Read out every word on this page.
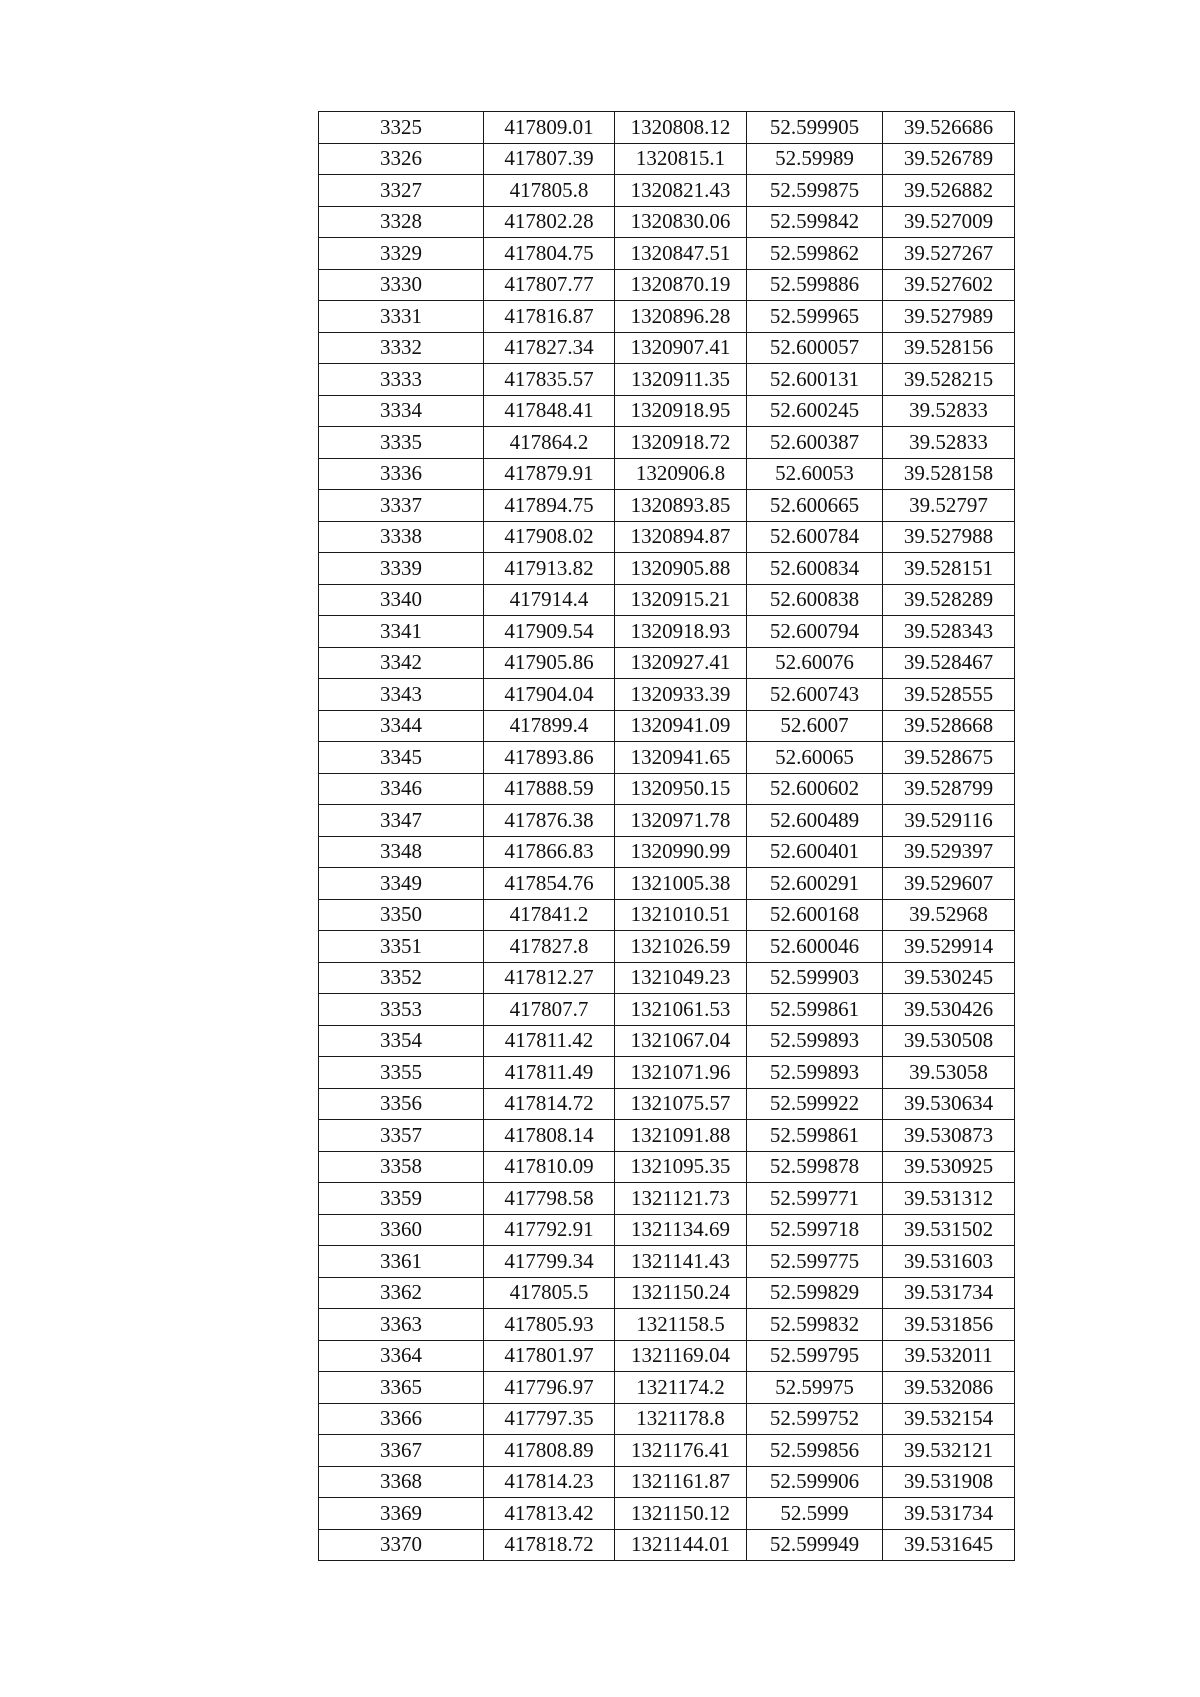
3325	417809.01	1320808.12	52.599905	39.526686
3326	417807.39	1320815.1	52.59989	39.526789
3327	417805.8	1320821.43	52.599875	39.526882
3328	417802.28	1320830.06	52.599842	39.527009
3329	417804.75	1320847.51	52.599862	39.527267
3330	417807.77	1320870.19	52.599886	39.527602
3331	417816.87	1320896.28	52.599965	39.527989
3332	417827.34	1320907.41	52.600057	39.528156
3333	417835.57	1320911.35	52.600131	39.528215
3334	417848.41	1320918.95	52.600245	39.52833
3335	417864.2	1320918.72	52.600387	39.52833
3336	417879.91	1320906.8	52.60053	39.528158
3337	417894.75	1320893.85	52.600665	39.52797
3338	417908.02	1320894.87	52.600784	39.527988
3339	417913.82	1320905.88	52.600834	39.528151
3340	417914.4	1320915.21	52.600838	39.528289
3341	417909.54	1320918.93	52.600794	39.528343
3342	417905.86	1320927.41	52.60076	39.528467
3343	417904.04	1320933.39	52.600743	39.528555
3344	417899.4	1320941.09	52.6007	39.528668
3345	417893.86	1320941.65	52.60065	39.528675
3346	417888.59	1320950.15	52.600602	39.528799
3347	417876.38	1320971.78	52.600489	39.529116
3348	417866.83	1320990.99	52.600401	39.529397
3349	417854.76	1321005.38	52.600291	39.529607
3350	417841.2	1321010.51	52.600168	39.52968
3351	417827.8	1321026.59	52.600046	39.529914
3352	417812.27	1321049.23	52.599903	39.530245
3353	417807.7	1321061.53	52.599861	39.530426
3354	417811.42	1321067.04	52.599893	39.530508
3355	417811.49	1321071.96	52.599893	39.53058
3356	417814.72	1321075.57	52.599922	39.530634
3357	417808.14	1321091.88	52.599861	39.530873
3358	417810.09	1321095.35	52.599878	39.530925
3359	417798.58	1321121.73	52.599771	39.531312
3360	417792.91	1321134.69	52.599718	39.531502
3361	417799.34	1321141.43	52.599775	39.531603
3362	417805.5	1321150.24	52.599829	39.531734
3363	417805.93	1321158.5	52.599832	39.531856
3364	417801.97	1321169.04	52.599795	39.532011
3365	417796.97	1321174.2	52.59975	39.532086
3366	417797.35	1321178.8	52.599752	39.532154
3367	417808.89	1321176.41	52.599856	39.532121
3368	417814.23	1321161.87	52.599906	39.531908
3369	417813.42	1321150.12	52.5999	39.531734
3370	417818.72	1321144.01	52.599949	39.531645
